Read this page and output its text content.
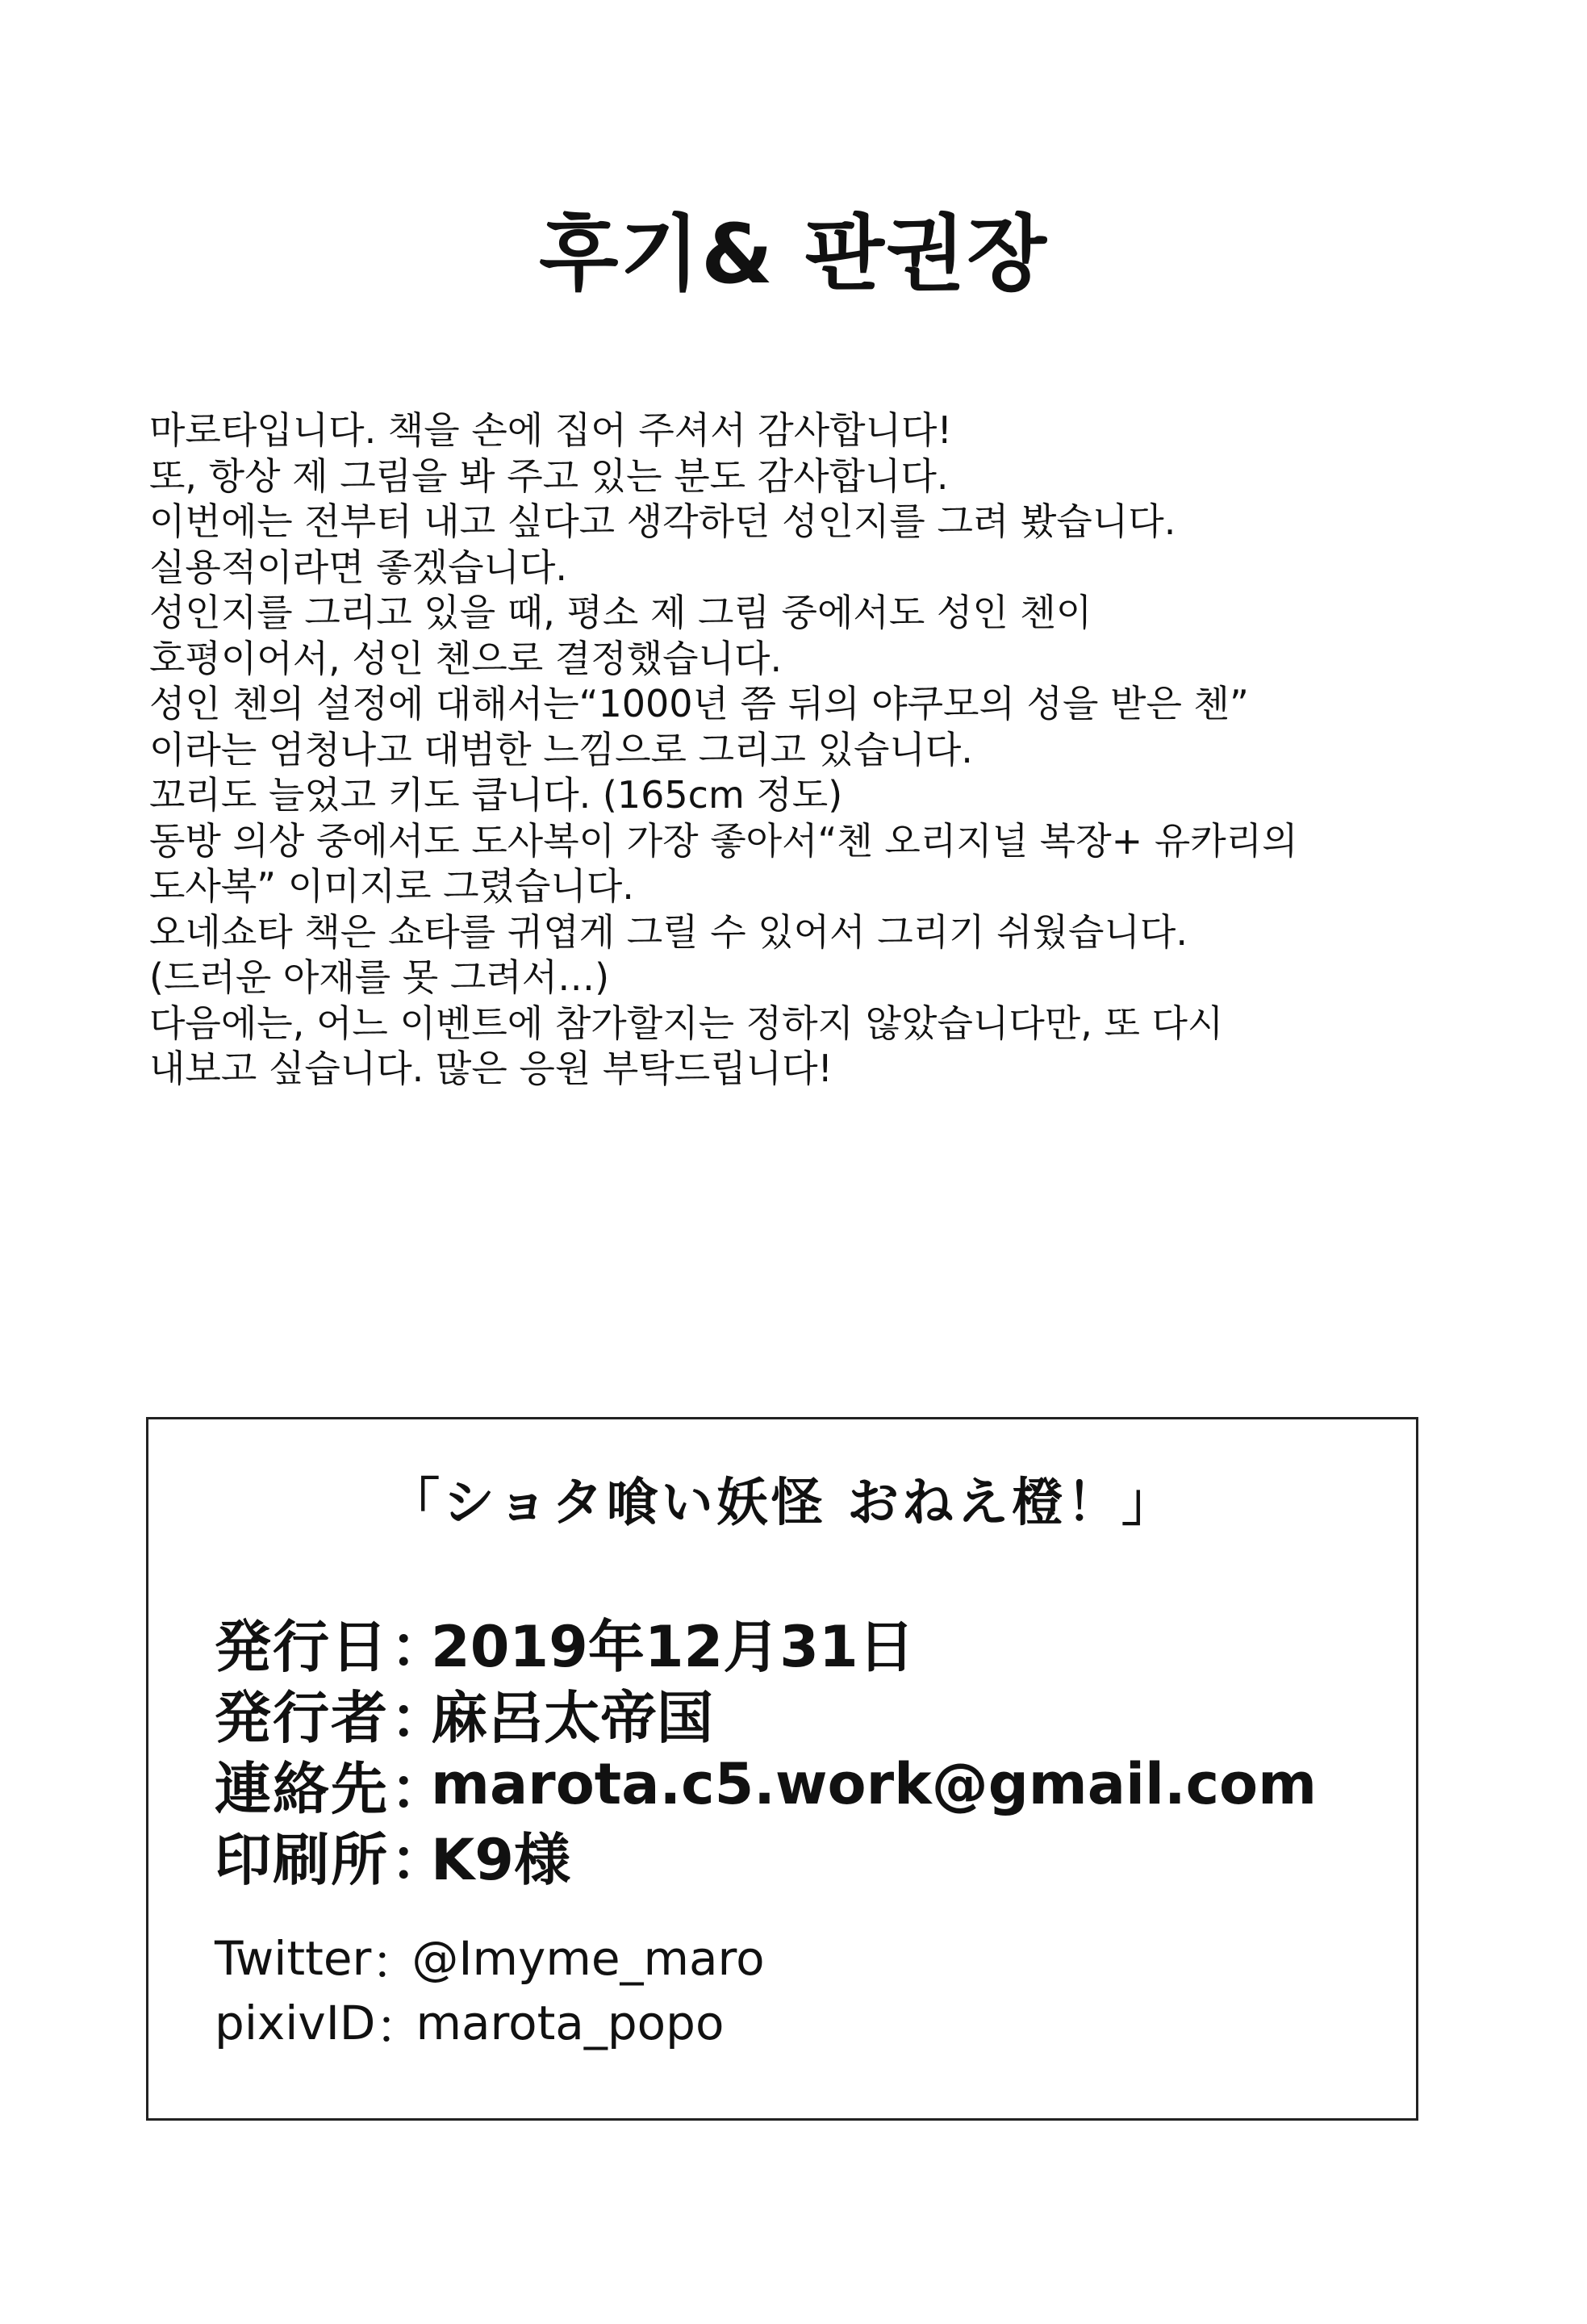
후기& 판권장
마로타입니다. 책을 손에 집어 주셔서 감사합니다!
또, 항상 제 그림을 봐 주고 있는 분도 감사합니다.
이번에는 전부터 내고 싶다고 생각하던 성인지를 그려 봤습니다.
실용적이라면 좋겠습니다.
성인지를 그리고 있을 때, 평소 제 그림 중에서도 성인 첸이
호평이어서, 성인 첸으로 결정했습니다.
성인 첸의 설정에 대해서는“1000년 쯤 뒤의 야쿠모의 성을 받은 첸”
이라는 엄청나고 대범한 느낌으로 그리고 있습니다.
꼬리도 늘었고 키도 큽니다. (165cm 정도)
동방 의상 중에서도 도사복이 가장 좋아서“첸 오리지널 복장+ 유카리의
도사복” 이미지로 그렸습니다.
오네쇼타 책은 쇼타를 귀엽게 그릴 수 있어서 그리기 쉬웠습니다.
(드러운 아재를 못 그려서…)
다음에는, 어느 이벤트에 참가할지는 정하지 않았습니다만, 또 다시
내보고 싶습니다. 많은 응원 부탁드립니다!
「ショタ喰い妖怪 おねえ橙！」
発行日 ：
2019年12月31日
発行者 ：
麻呂太帝国
連絡先 ：
marota.c5.work@gmail.com
印刷所 ：
K9様
Twitter ：
@Imyme_maro
pixivID ：
marota_popo
